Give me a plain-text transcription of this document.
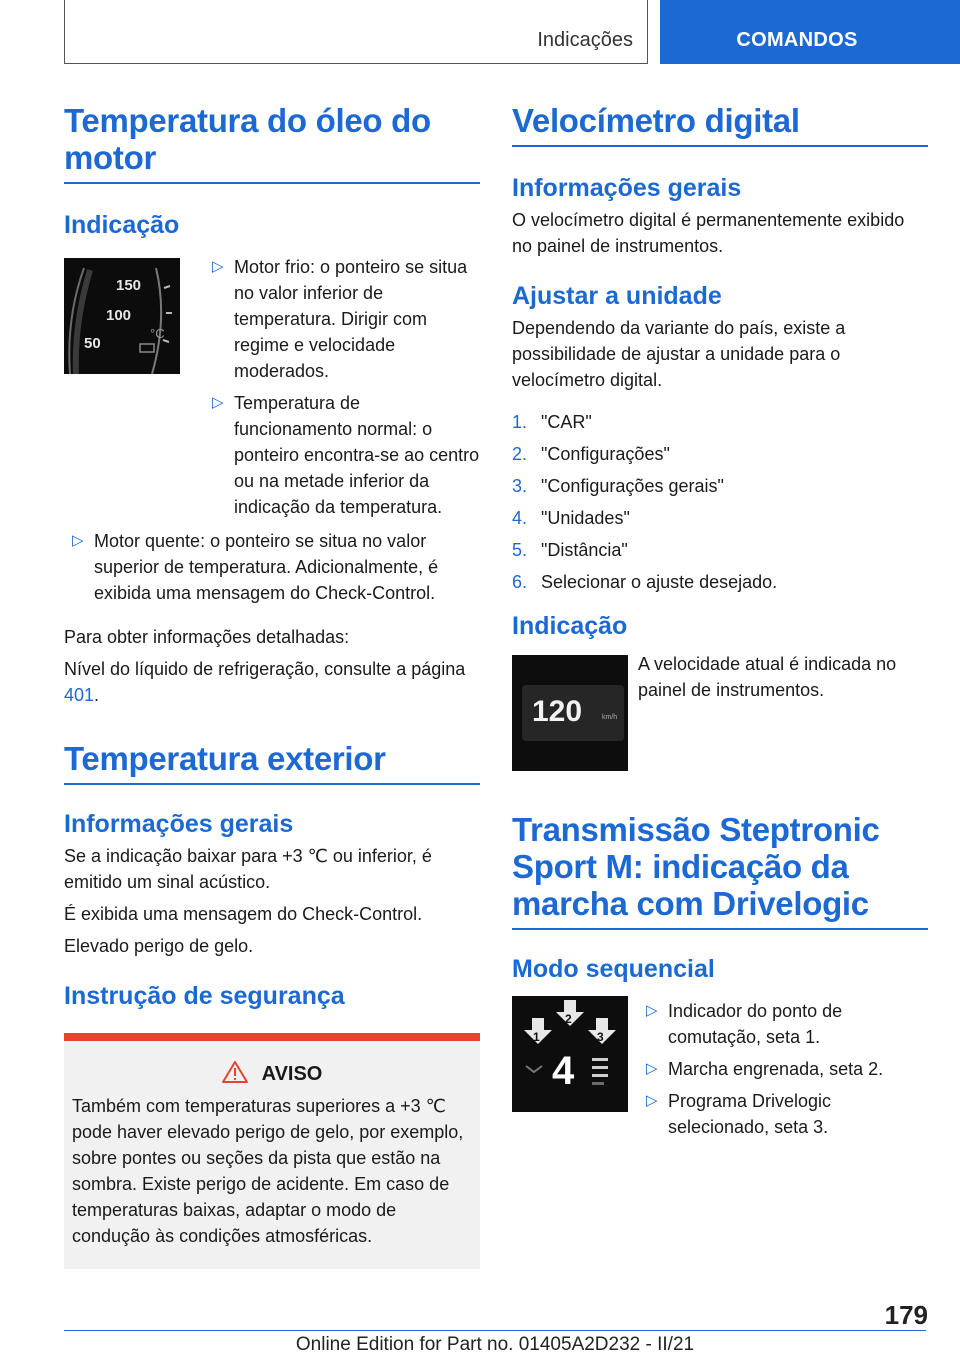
Indicações	COMANDOS
Temperatura do óleo do motor
Indicação
150
100
50
°C
▷ Motor frio: o ponteiro se situa no valor inferior de temperatura. Dirigir com regime e velocidade moderados.
▷ Temperatura de funcionamento normal: o ponteiro encontra-se ao centro ou na metade inferior da indicação da temperatura.
▷ Motor quente: o ponteiro se situa no valor superior de temperatura. Adicionalmente, é exibida uma mensagem do Check-Control.

Para obter informações detalhadas:

Nível do líquido de refrigeração, consulte a página 401.

Temperatura exterior
Informações gerais

Se a indicação baixar para +3 ℃ ou inferior, é emitido um sinal acústico.

É exibida uma mensagem do Check-Control.

Elevado perigo de gelo.

Instrução de segurança
AVISO

Também com temperaturas superiores a +3 ℃ pode haver elevado perigo de gelo, por exemplo, sobre pontes ou seções da pista que estão na sombra. Existe perigo de acidente. Em caso de temperaturas baixas, adaptar o modo de condução às condições atmosféricas.

Velocímetro digital
Informações gerais

O velocímetro digital é permanentemente exibido no painel de instrumentos.

Ajustar a unidade

Dependendo da variante do país, existe a possibilidade de ajustar a unidade para o velocímetro digital.

1. "CAR"
2. "Configurações"
3. "Configurações gerais"
4. "Unidades"
5. "Distância"
6. Selecionar o ajuste desejado.
Indicação
120	km/h

A velocidade atual é indicada no painel de instrumentos.

Transmissão Steptronic Sport M: indicação da marcha com Drivelogic
Modo sequencial
1
2
3
4
▷ Indicador do ponto de comutação, seta 1.
▷ Marcha engrenada, seta 2.
▷ Programa Drivelogic selecionado, seta 3.
179
Online Edition for Part no. 01405A2D232 - II/21
